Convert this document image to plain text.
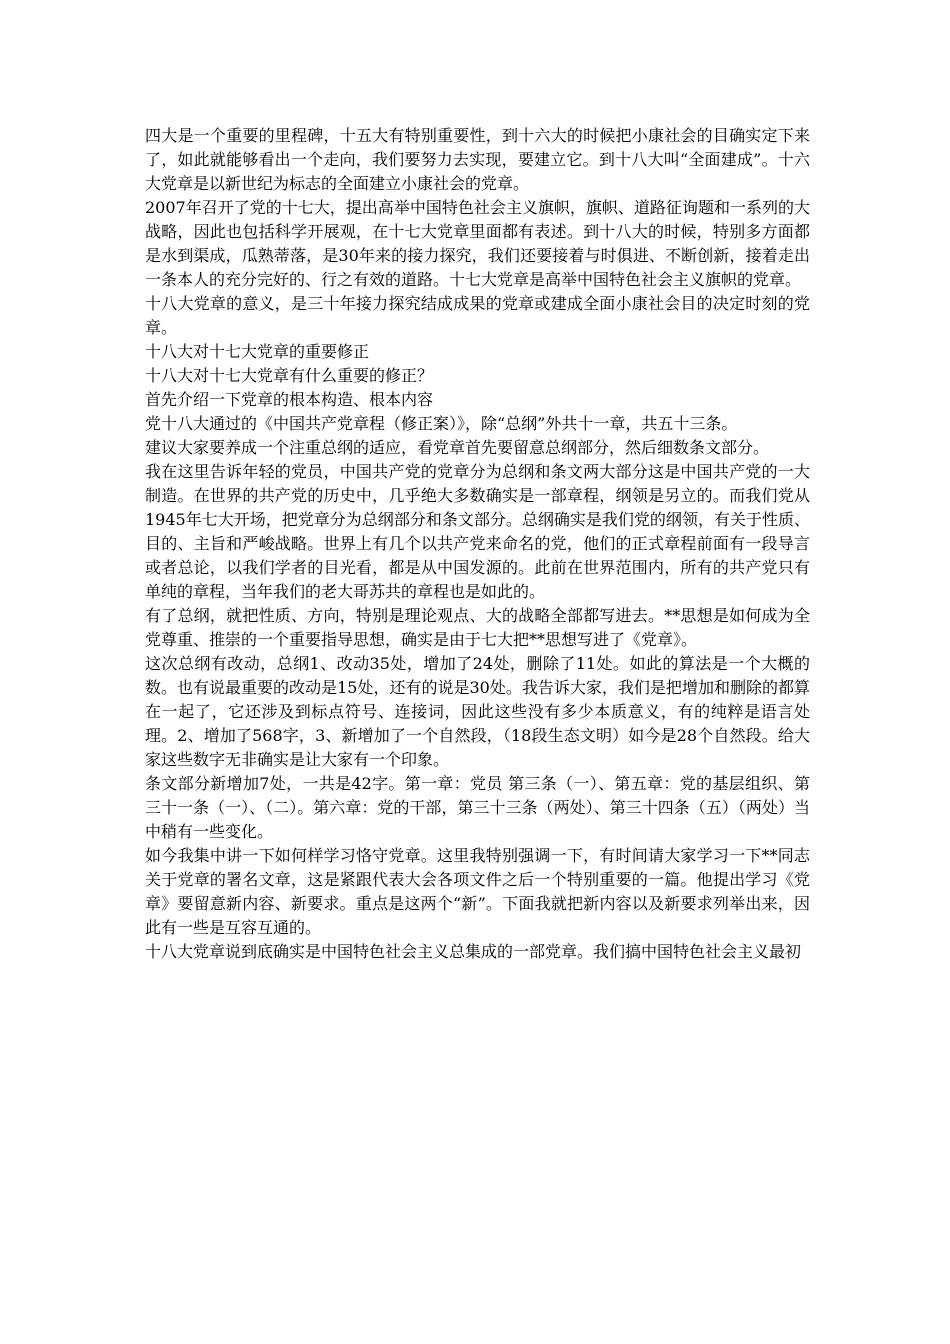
四大是一个重要的里程碑，十五大有特别重要性，到十六大的时候把小康社会的目确实定下来了，如此就能够看出一个走向，我们要努力去实现，要建立它。到十八大叫“全面建成”。十六大党章是以新世纪为标志的全面建立小康社会的党章。

2007年召开了党的十七大，提出高举中国特色社会主义旗帜，旗帜、道路征询题和一系列的大战略，因此也包括科学开展观，在十七大党章里面都有表述。到十八大的时候，特别多方面都是水到渠成，瓜熟蒂落，是30年来的接力探究，我们还要接着与时俱进、不断创新，接着走出一条本人的充分完好的、行之有效的道路。十七大党章是高举中国特色社会主义旗帜的党章。

十八大党章的意义，是三十年接力探究结成成果的党章或建成全面小康社会目的决定时刻的党章。

十八大对十七大党章的重要修正

十八大对十七大党章有什么重要的修正？

首先介绍一下党章的根本构造、根本内容

党十八大通过的《中国共产党章程（修正案）》，除“总纲”外共十一章，共五十三条。

建议大家要养成一个注重总纲的适应，看党章首先要留意总纲部分，然后细数条文部分。

我在这里告诉年轻的党员，中国共产党的党章分为总纲和条文两大部分这是中国共产党的一大制造。在世界的共产党的历史中，几乎绝大多数确实是一部章程，纲领是另立的。而我们党从1945年七大开场，把党章分为总纲部分和条文部分。总纲确实是我们党的纲领，有关于性质、目的、主旨和严峻战略。世界上有几个以共产党来命名的党，他们的正式章程前面有一段导言或者总论，以我们学者的目光看，都是从中国发源的。此前在世界范围内，所有的共产党只有单纯的章程，当年我们的老大哥苏共的章程也是如此的。

有了总纲，就把性质、方向，特别是理论观点、大的战略全部都写进去。**思想是如何成为全党尊重、推崇的一个重要指导思想，确实是由于七大把**思想写进了《党章》。

这次总纲有改动，总纲1、改动35处，增加了24处，删除了11处。如此的算法是一个大概的数。也有说最重要的改动是15处，还有的说是30处。我告诉大家，我们是把增加和删除的都算在一起了，它还涉及到标点符号、连接词，因此这些没有多少本质意义，有的纯粹是语言处理。2、增加了568字，3、新增加了一个自然段，（18段生态文明）如今是28个自然段。给大家这些数字无非确实是让大家有一个印象。

条文部分新增加7处，一共是42字。第一章：党员 第三条（一）、第五章：党的基层组织、第三十一条（一）、（二）。第六章：党的干部，第三十三条（两处）、第三十四条（五）（两处）当中稍有一些变化。

如今我集中讲一下如何样学习恪守党章。这里我特别强调一下，有时间请大家学习一下**同志关于党章的署名文章，这是紧跟代表大会各项文件之后一个特别重要的一篇。他提出学习《党章》要留意新内容、新要求。重点是这两个“新”。下面我就把新内容以及新要求列举出来，因此有一些是互容互通的。

十八大党章说到底确实是中国特色社会主义总集成的一部党章。我们搞中国特色社会主义最初
